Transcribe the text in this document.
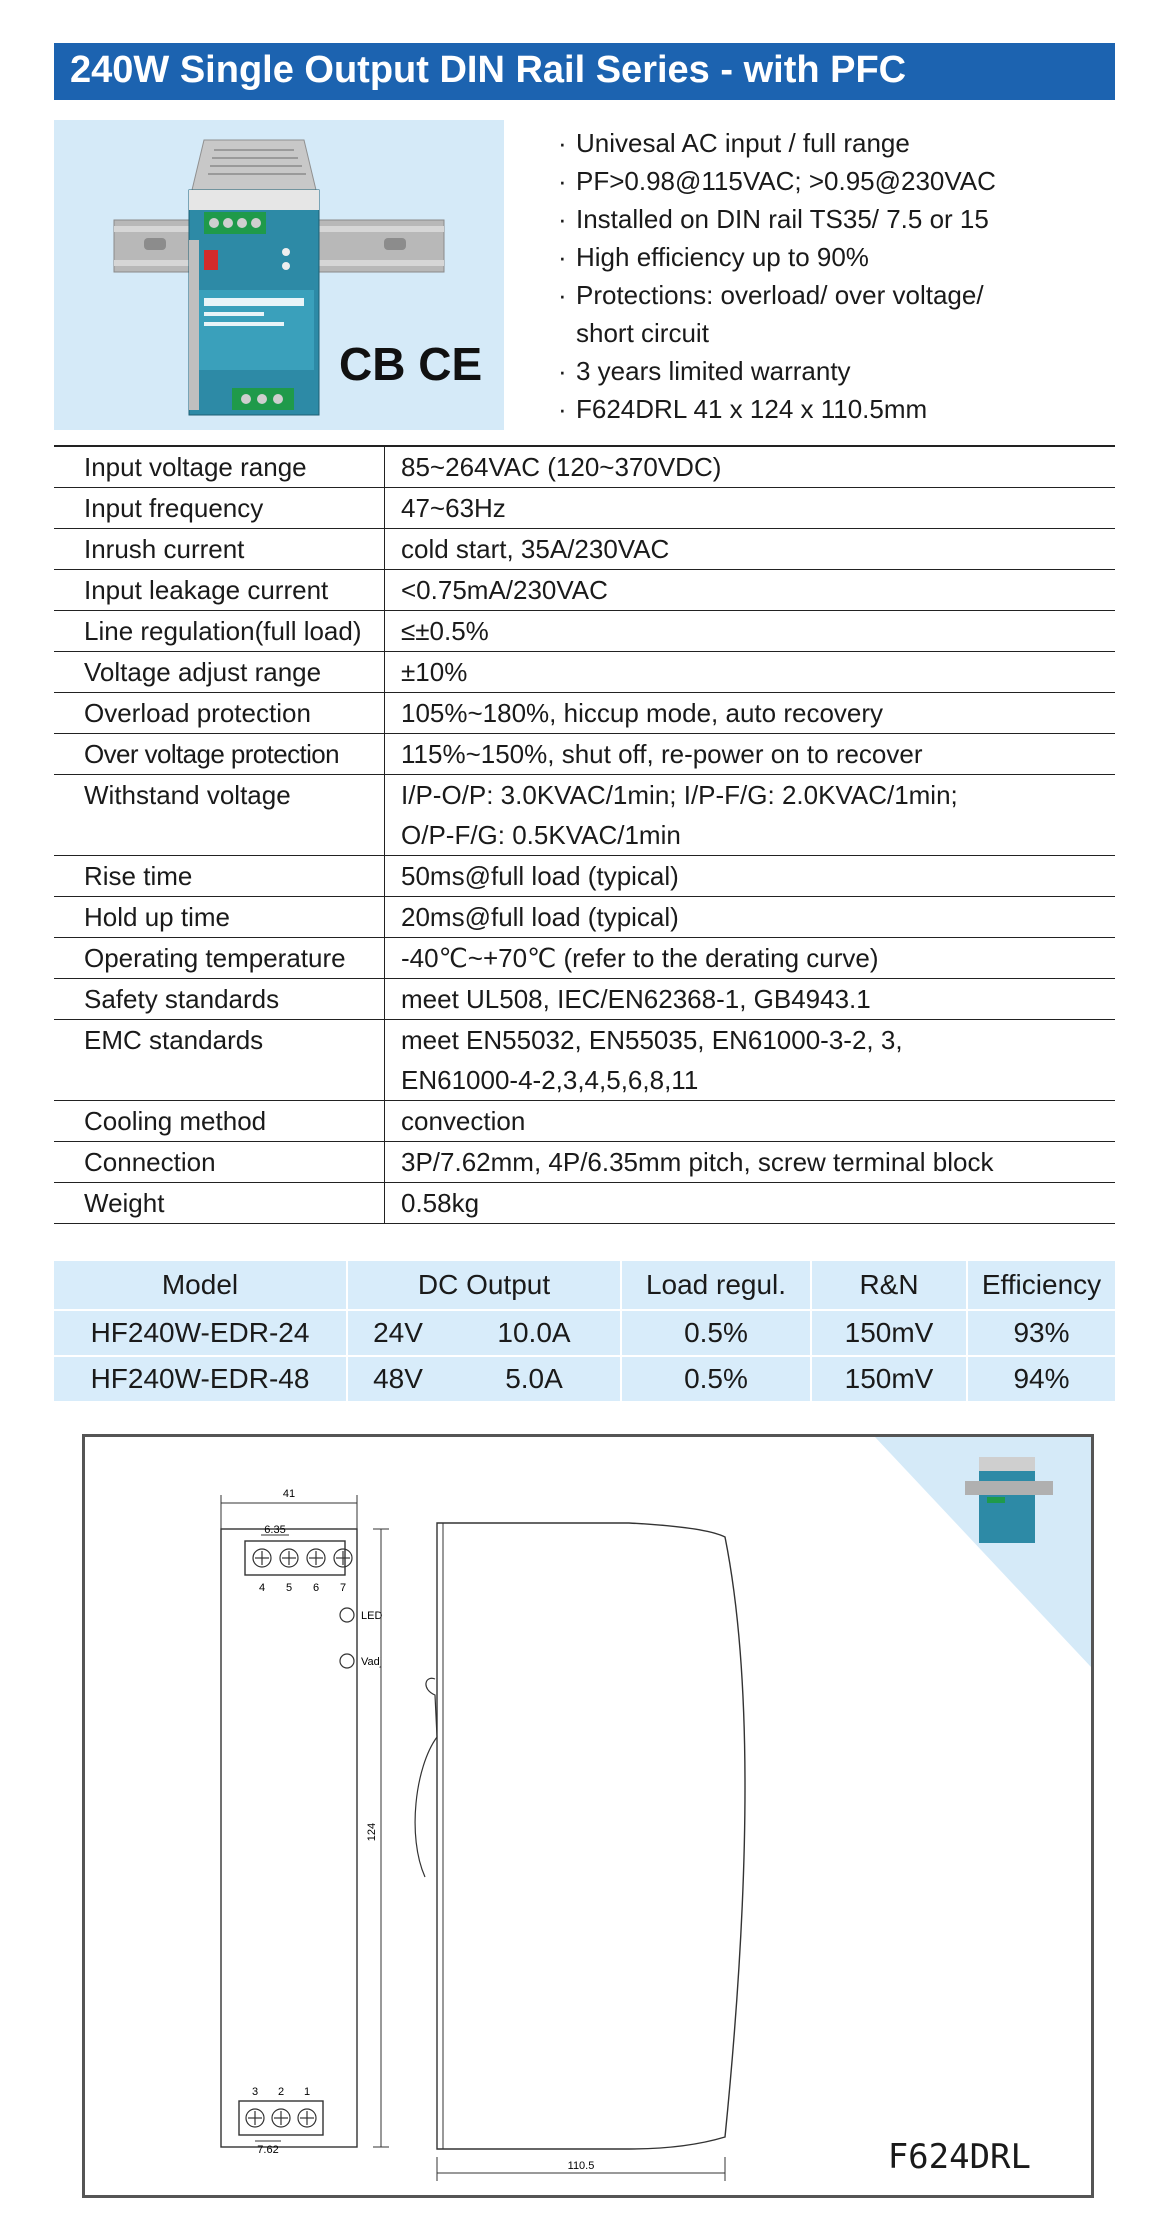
240W Single Output DIN Rail Series - with PFC
CB CE
· Univesal AC input / full range
· PF>0.98@115VAC; >0.95@230VAC
· Installed on DIN rail TS35/ 7.5 or 15
· High efficiency up to 90%
· Protections: overload/ over voltage/
short circuit
· 3 years limited warranty
· F624DRL 41 x 124 x 110.5mm
Input voltage range	85~264VAC (120~370VDC)
Input frequency	47~63Hz
Inrush current	cold start, 35A/230VAC
Input leakage current	<0.75mA/230VAC
Line regulation(full load)	≤±0.5%
Voltage adjust range	±10%
Overload protection	105%~180%, hiccup mode, auto recovery
Over voltage protection	115%~150%, shut off, re-power on to recover
Withstand voltage	I/P-O/P: 3.0KVAC/1min; I/P-F/G: 2.0KVAC/1min;
O/P-F/G: 0.5KVAC/1min

Rise time	50ms@full load (typical)
Hold up time	20ms@full load (typical)
Operating temperature	-40℃~+70℃ (refer to the derating curve)
Safety standards	meet UL508, IEC/EN62368-1, GB4943.1
EMC standards	meet EN55032, EN55035, EN61000-3-2, 3,
EN61000-4-2,3,4,5,6,8,11

Cooling method	convection
Connection	3P/7.62mm, 4P/6.35mm pitch, screw terminal block
Weight	0.58kg
Model	DC Output	Load regul.	R&N	Efficiency
HF240W-EDR-24	24V	10.0A	0.5%	150mV	93%
HF240W-EDR-48	48V	5.0A	0.5%	150mV	94%
41
6.35
4 5 6 7
LED
Vadj
124
3 2 1
7.62
110.5	F624DRL
